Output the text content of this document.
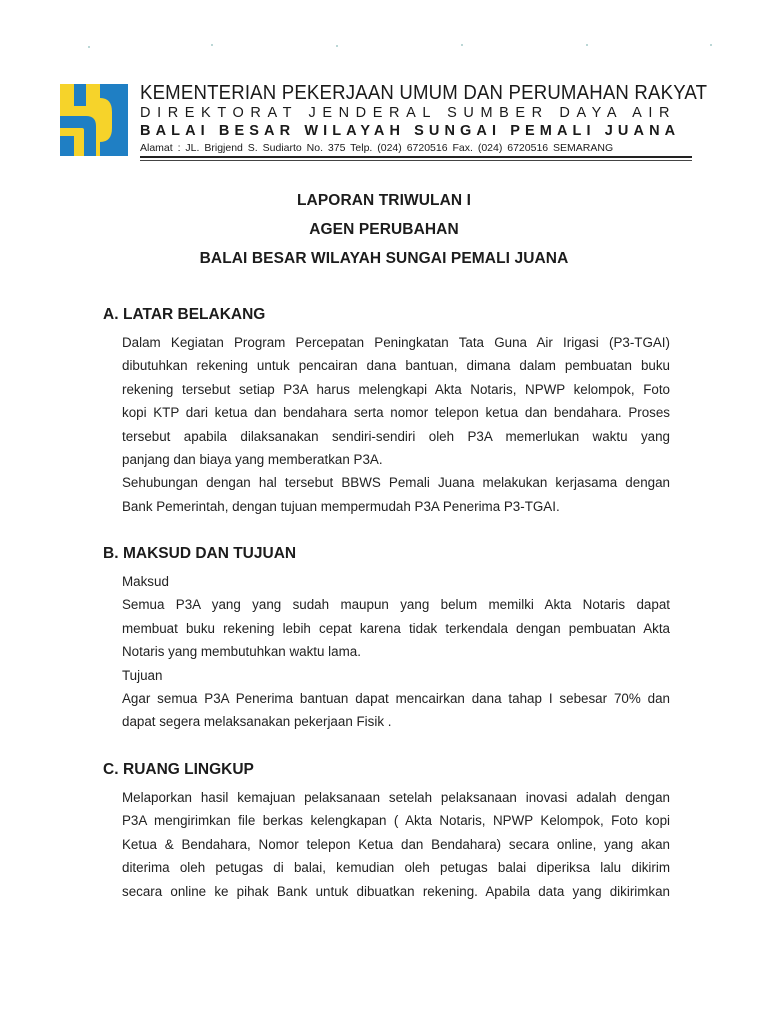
KEMENTERIAN PEKERJAAN UMUM DAN PERUMAHAN RAKYAT

DIREKTORAT JENDERAL SUMBER DAYA AIR

BALAI BESAR WILAYAH SUNGAI PEMALI JUANA

Alamat : JL. Brigjend S. Sudiarto No. 375 Telp. (024) 6720516 Fax. (024) 6720516 SEMARANG

LAPORAN TRIWULAN I

AGEN PERUBAHAN

BALAI BESAR WILAYAH SUNGAI PEMALI JUANA

A. LATAR BELAKANG

Dalam Kegiatan Program Percepatan Peningkatan Tata Guna Air Irigasi (P3-TGAI)
dibutuhkan rekening untuk pencairan dana bantuan, dimana dalam pembuatan buku
rekening tersebut setiap P3A harus melengkapi Akta Notaris, NPWP kelompok, Foto
kopi KTP dari ketua dan bendahara serta nomor telepon ketua dan bendahara. Proses
tersebut apabila dilaksanakan sendiri-sendiri oleh P3A memerlukan waktu yang
panjang dan biaya yang memberatkan P3A.
Sehubungan dengan hal tersebut BBWS Pemali Juana melakukan kerjasama dengan
Bank Pemerintah, dengan tujuan mempermudah P3A Penerima P3-TGAI.

B. MAKSUD DAN TUJUAN

Maksud
Semua P3A yang yang sudah maupun yang belum memilki Akta Notaris dapat
membuat buku rekening lebih cepat karena tidak terkendala dengan pembuatan Akta
Notaris yang membutuhkan waktu lama.
Tujuan
Agar semua P3A Penerima bantuan dapat mencairkan dana tahap I sebesar 70% dan
dapat segera melaksanakan pekerjaan Fisik .

C. RUANG LINGKUP

Melaporkan hasil kemajuan pelaksanaan setelah pelaksanaan inovasi adalah dengan
P3A mengirimkan file berkas kelengkapan ( Akta Notaris, NPWP Kelompok, Foto kopi
Ketua & Bendahara, Nomor telepon Ketua dan Bendahara) secara online, yang akan
diterima oleh petugas di balai, kemudian oleh petugas balai diperiksa lalu dikirim
secara online ke pihak Bank untuk dibuatkan rekening. Apabila data yang dikirimkan
